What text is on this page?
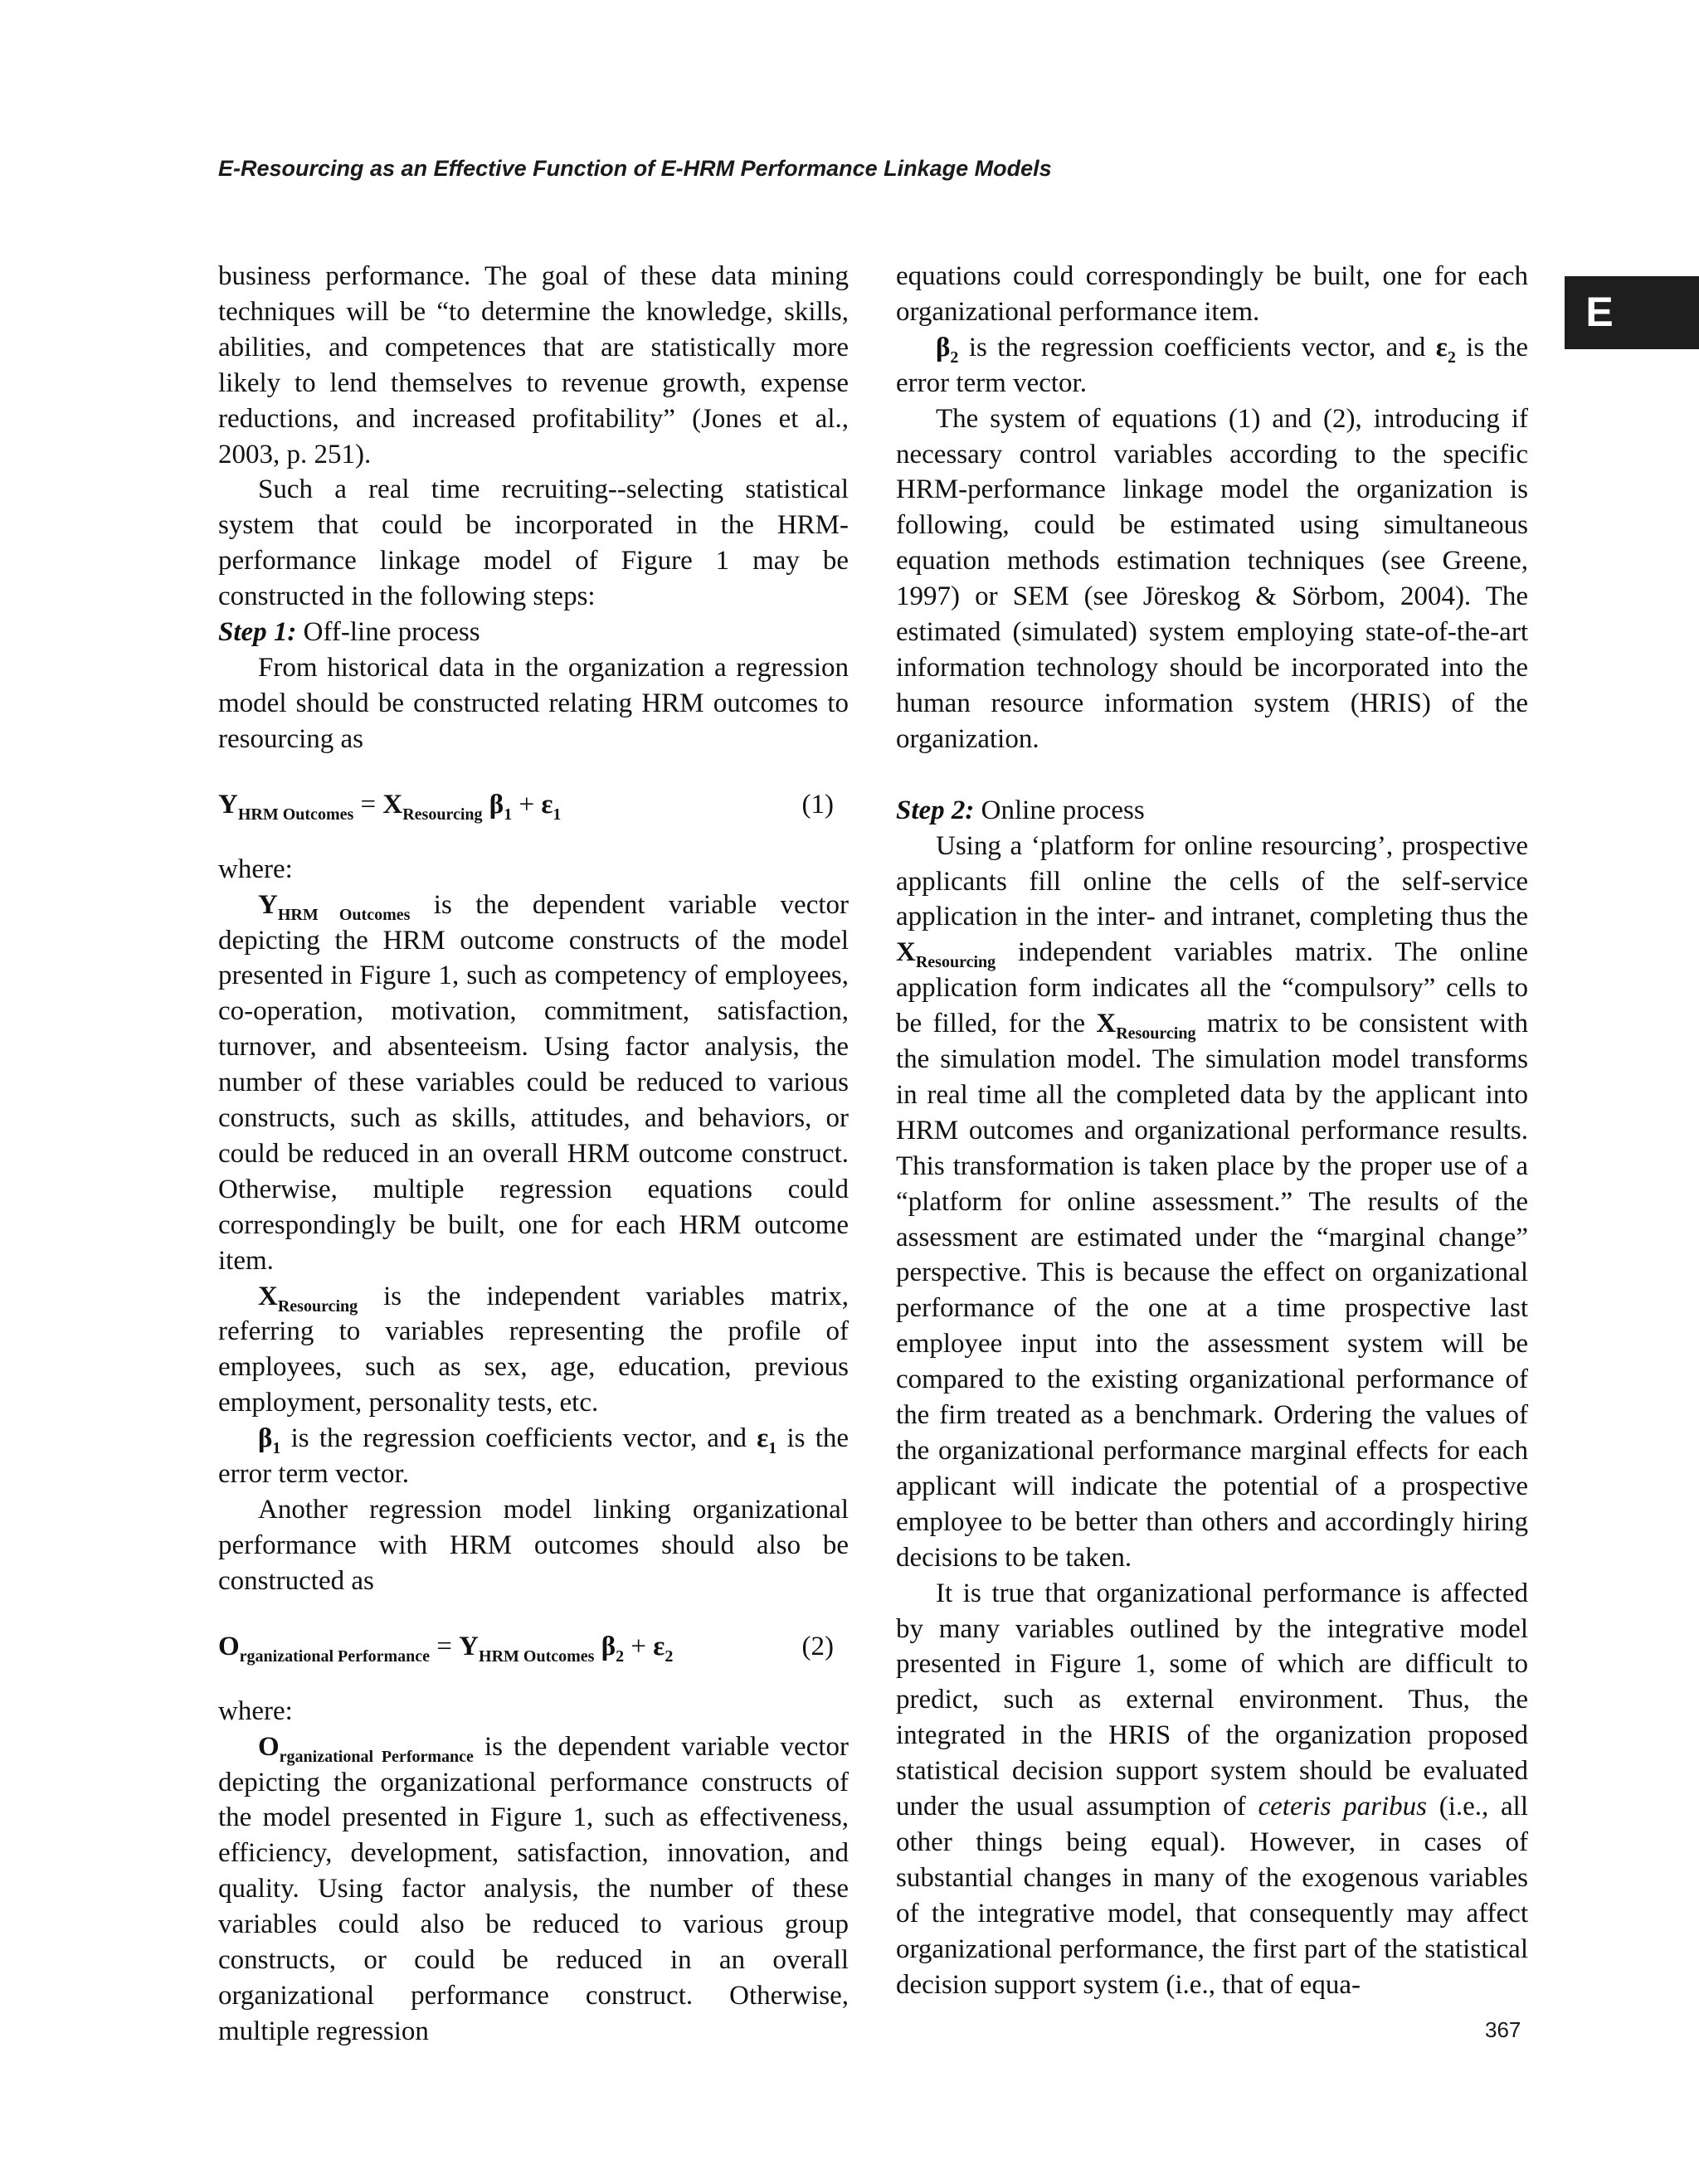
E-Resourcing as an Effective Function of E-HRM Performance Linkage Models
E

business performance. The goal of these data mining techniques will be “to determine the knowledge, skills, abilities, and competences that are statistically more likely to lend themselves to revenue growth, expense reductions, and increased profitability” (Jones et al., 2003, p. 251).

Such a real time recruiting--selecting statistical system that could be incorporated in the HRM-performance linkage model of Figure 1 may be constructed in the following steps:

Step 1: Off-line process

From historical data in the organization a regression model should be constructed relating HRM outcomes to resourcing as

$Y_{HRM Outcomes} = X_{Resourcing}$ $\beta_1 + \varepsilon_1$	(1)

where:

$Y_{HRM Outcomes}$ is the dependent variable vector depicting the HRM outcome constructs of the model presented in Figure 1, such as competency of employees, co-operation, motivation, commitment, satisfaction, turnover, and absenteeism. Using factor analysis, the number of these variables could be reduced to various constructs, such as skills, attitudes, and behaviors, or could be reduced in an overall HRM outcome construct. Otherwise, multiple regression equations could correspondingly be built, one for each HRM outcome item.

$X_{Resourcing}$ is the independent variables matrix, referring to variables representing the profile of employees, such as sex, age, education, previous employment, personality tests, etc.

$\beta_1$ is the regression coefficients vector, and $\varepsilon_1$ is the error term vector.

Another regression model linking organizational performance with HRM outcomes should also be constructed as

$O_{rganizational Performance} = Y_{HRM Outcomes}$ $\beta_2 + \varepsilon_2$	(2)

where:

$O_{rganizational Performance}$ is the dependent variable vector depicting the organizational performance constructs of the model presented in Figure 1, such as effectiveness, efficiency, development, satisfaction, innovation, and quality. Using factor analysis, the number of these variables could also be reduced to various group constructs, or could be reduced in an overall organizational performance construct. Otherwise, multiple regression

equations could correspondingly be built, one for each organizational performance item.

$\beta_2$ is the regression coefficients vector, and $\varepsilon_2$ is the error term vector.

The system of equations (1) and (2), introducing if necessary control variables according to the specific HRM-performance linkage model the organization is following, could be estimated using simultaneous equation methods estimation techniques (see Greene, 1997) or SEM (see Jöreskog & Sörbom, 2004). The estimated (simulated) system employing state-of-the-art information technology should be incorporated into the human resource information system (HRIS) of the organization.

Step 2: Online process

Using a ‘platform for online resourcing’, prospective applicants fill online the cells of the self-service application in the inter- and intranet, completing thus the $X_{Resourcing}$ independent variables matrix. The online application form indicates all the “compulsory” cells to be filled, for the $X_{Resourcing}$ matrix to be consistent with the simulation model. The simulation model transforms in real time all the completed data by the applicant into HRM outcomes and organizational performance results. This transformation is taken place by the proper use of a “platform for online assessment.” The results of the assessment are estimated under the “marginal change” perspective. This is because the effect on organizational performance of the one at a time prospective last employee input into the assessment system will be compared to the existing organizational performance of the firm treated as a benchmark. Ordering the values of the organizational performance marginal effects for each applicant will indicate the potential of a prospective employee to be better than others and accordingly hiring decisions to be taken.

It is true that organizational performance is affected by many variables outlined by the integrative model presented in Figure 1, some of which are difficult to predict, such as external environment. Thus, the integrated in the HRIS of the organization proposed statistical decision support system should be evaluated under the usual assumption of ceteris paribus (i.e., all other things being equal). However, in cases of substantial changes in many of the exogenous variables of the integrative model, that consequently may affect organizational performance, the first part of the statistical decision support system (i.e., that of equa-

367
